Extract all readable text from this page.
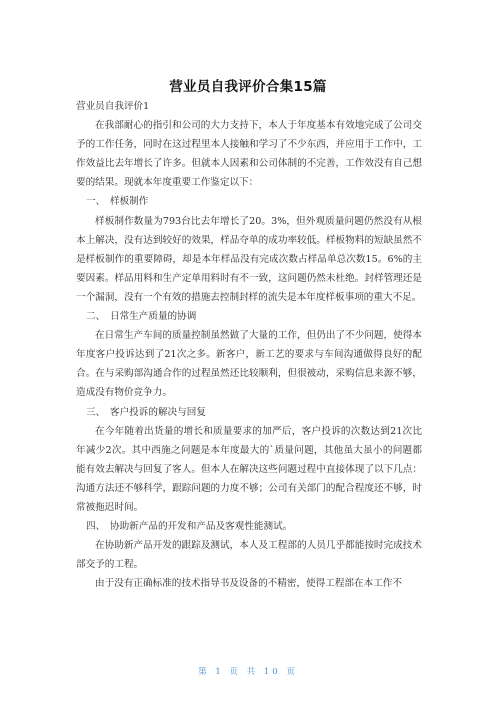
营业员自我评价合集15篇

营业员自我评价1

在我部耐心的指引和公司的大力支持下，本人于年度基本有效地完成了公司交予的工作任务，同时在这过程里本人接触和学习了不少东西，并应用于工作中，工作效益比去年增长了许多。但就本人因素和公司体制的不完善，工作效没有自己想要的结果。现就本年度重要工作鉴定以下：

一、　样板制作

样板制作数量为793台比去年增长了20。3%，但外观质量问题仍然没有从根本上解决，没有达到较好的效果，样品夺单的成功率较低。样板物料的短缺虽然不是样板制作的重要障碍，却是本年样品没有完成次数占样品单总次数15。6%的主要因素。样品用料和生产定单用料时有不一致，这问题仍然未杜绝。封样管理还是一个漏洞，没有一个有效的措施去控制封样的流失是本年度样板事项的重大不足。

二、　日常生产质量的协调

在日常生产车间的质量控制虽然做了大量的工作，但仍出了不少问题，使得本年度客户投诉达到了21次之多。新客户，新工艺的要求与车间沟通做得良好的配合。在与采购部沟通合作的过程虽然还比较顺利，但很被动，采购信息来源不够，造成没有物价竞争力。

三、　客户投诉的解决与回复

在今年随着出货量的增长和质量要求的加严后，客户投诉的次数达到21次比年减少2次。其中西施之问题是本年度最大的`质量问题，其他虽大虽小的问题都能有效去解决与回复了客人。但本人在解决这些问题过程中直接体现了以下几点：沟通方法还不够科学，跟踪问题的力度不够；公司有关部门的配合程度还不够，时常被拖迟时间。

四、　协助新产品的开发和产品及客观性能测试。

在协助新产品开发的跟踪及测试，本人及工程部的人员几乎都能按时完成技术部交予的工程。

由于没有正确标准的技术指导书及设备的不精密，使得工程部在本工作不

第 1 页 共 10 页
